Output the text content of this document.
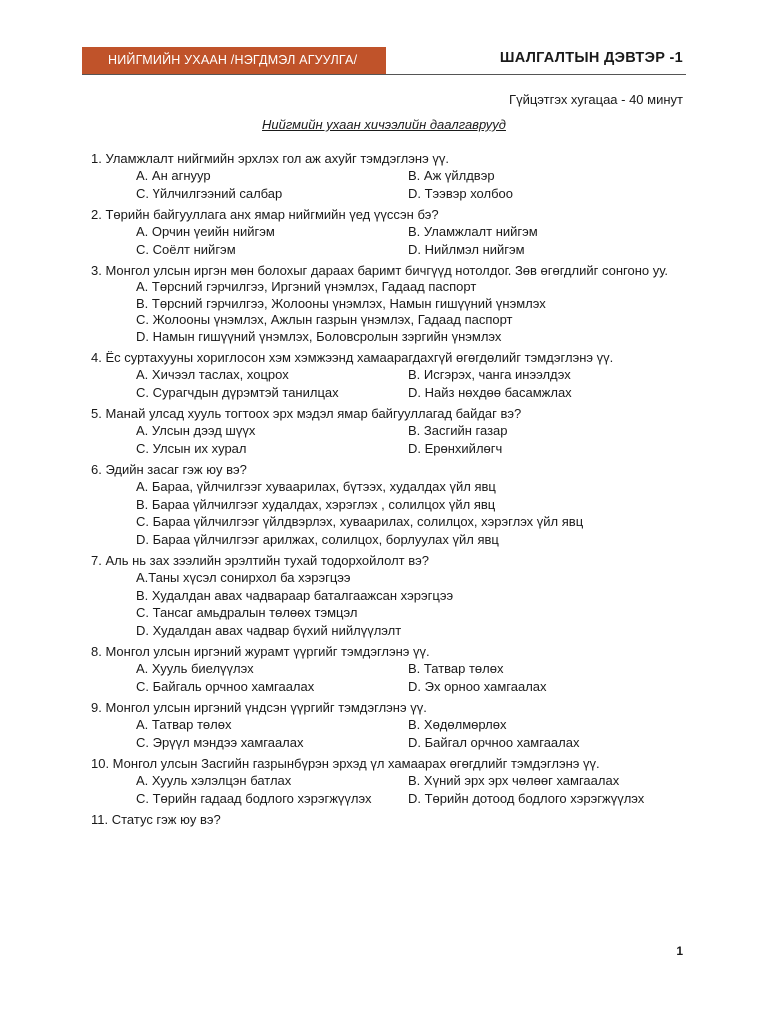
НИЙГМИЙН УХААН /НЭГДМЭЛ АГУУЛГА/	ШАЛГАЛТЫН ДЭВТЭР -1
Гүйцэтгэх хугацаа - 40 минут
Нийгмийн ухаан хичээлийн даалгаврууд
1. Уламжлалт нийгмийн эрхлэх гол аж ахуйг тэмдэглэнэ үү.
A. Ан агнуур	B. Аж үйлдвэр
C. Үйлчилгээний салбар	D. Тээвэр холбоо
2. Төрийн байгууллага анх ямар нийгмийн үед үүссэн бэ?
A. Орчин үеийн нийгэм	B. Уламжлалт нийгэм
C. Соёлт нийгэм	D. Нийлмэл нийгэм
3. Монгол улсын иргэн мөн болохыг дараах баримт бичгүүд нотолдог. Зөв өгөгдлийг сонгоно уу.
A. Төрсний гэрчилгээ, Иргэний үнэмлэх, Гадаад паспорт
B. Төрсний гэрчилгээ, Жолооны үнэмлэх, Намын гишүүний үнэмлэх
C. Жолооны үнэмлэх, Ажлын газрын үнэмлэх, Гадаад паспорт
D. Намын гишүүний үнэмлэх, Боловсролын зэргийн үнэмлэх
4. Ёс суртахууны хориглосон хэм хэмжээнд хамаарагдахгүй өгөгдөлийг тэмдэглэнэ үү.
A. Хичээл таслах, хоцрох	B. Исгэрэх, чанга инээлдэх
C. Сурагчдын дүрэмтэй танилцах	D. Найз нөхдөө басамжлах
5. Манай улсад хууль тогтоох эрх мэдэл ямар байгууллагад байдаг вэ?
A. Улсын дээд шүүх	B. Засгийн газар
C. Улсын их хурал	D. Ерөнхийлөгч
6. Эдийн засаг гэж юу вэ?
A. Бараа, үйлчилгээг хуваарилах, бүтээх, худалдах үйл явц
B. Бараа үйлчилгээг худалдах, хэрэглэх , солилцох үйл явц
C. Бараа үйлчилгээг үйлдвэрлэх, хуваарилах, солилцох, хэрэглэх үйл явц
D. Бараа үйлчилгээг арилжах, солилцох, борлуулах үйл явц
7. Аль нь зах зээлийн эрэлтийн тухай тодорхойлолт вэ?
A.Таны хүсэл сонирхол ба хэрэгцээ
B. Худалдан авах чадвараар баталгаажсан хэрэгцээ
C. Тансаг амьдралын төлөөх тэмцэл
D. Худалдан авах чадвар бүхий нийлүүлэлт
8. Монгол улсын иргэний журамт үүргийг тэмдэглэнэ үү.
A. Хууль биелүүлэх	B. Татвар төлөх
C. Байгаль орчноо хамгаалах	D. Эх орноо хамгаалах
9. Монгол улсын иргэний үндсэн үүргийг тэмдэглэнэ үү.
A. Татвар төлөх	B. Хөдөлмөрлөх
C. Эрүүл мэндээ хамгаалах	D. Байгал орчноо хамгаалах
10. Монгол улсын Засгийн газрынбүрэн эрхэд үл хамаарах өгөгдлийг тэмдэглэнэ үү.
A. Хууль хэлэлцэн батлах	B. Хүний эрх эрх чөлөөг хамгаалах
C. Төрийн гадаад бодлого хэрэгжүүлэх	D. Төрийн дотоод бодлого хэрэгжүүлэх
11. Статус гэж юу вэ?
1
